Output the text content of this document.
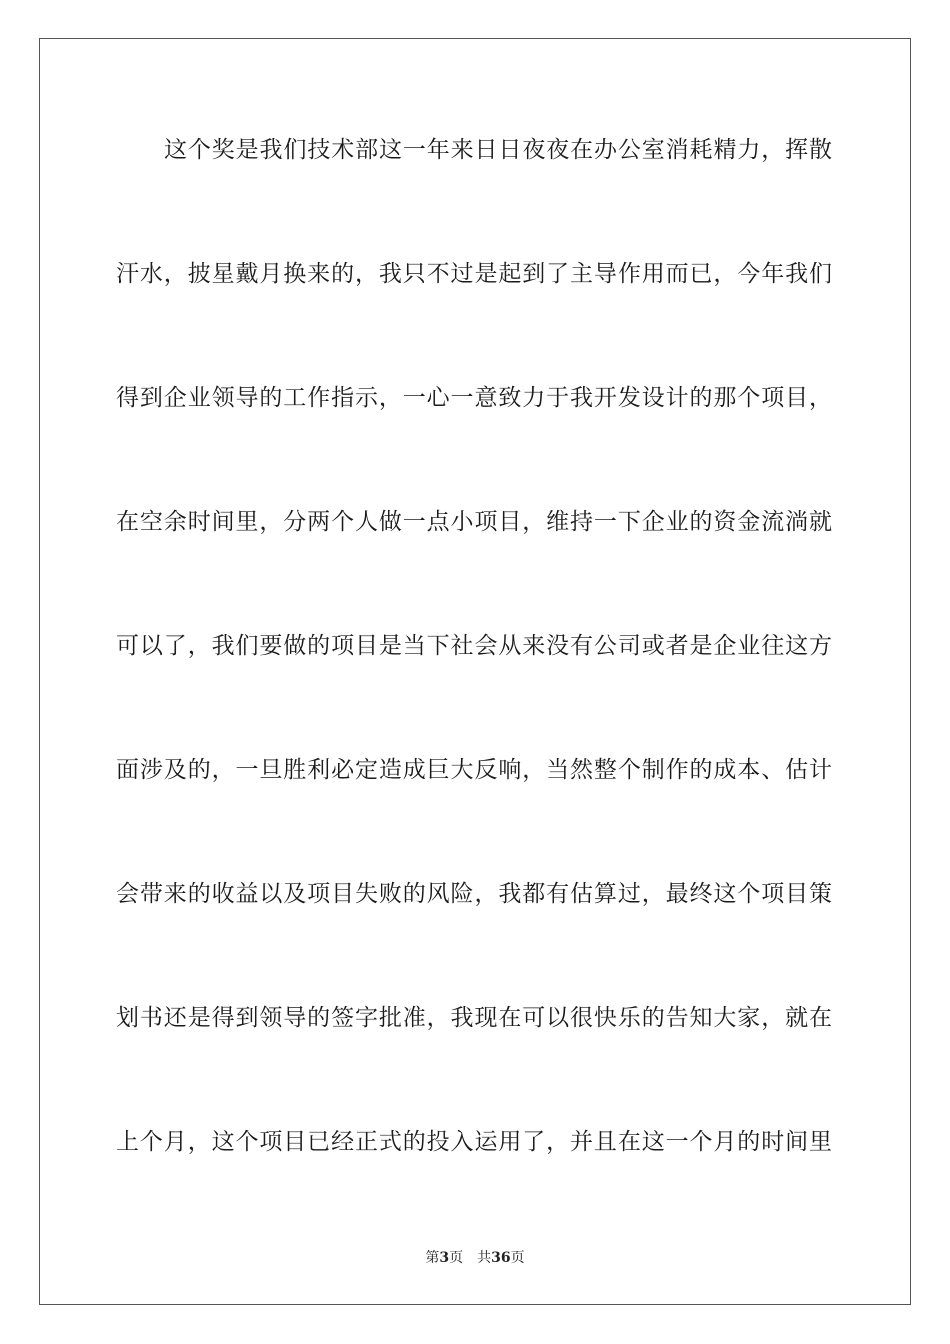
这个奖是我们技术部这一年来日日夜夜在办公室消耗精力，挥散
汗水，披星戴月换来的，我只不过是起到了主导作用而已，今年我们
得到企业领导的工作指示，一心一意致力于我开发设计的那个项目，
在空余时间里，分两个人做一点小项目，维持一下企业的资金流淌就
可以了，我们要做的项目是当下社会从来没有公司或者是企业往这方
面涉及的，一旦胜利必定造成巨大反响，当然整个制作的成本、估计
会带来的收益以及项目失败的风险，我都有估算过，最终这个项目策
划书还是得到领导的签字批准，我现在可以很快乐的告知大家，就在
上个月，这个项目已经正式的投入运用了，并且在这一个月的时间里
第3页 共36页
